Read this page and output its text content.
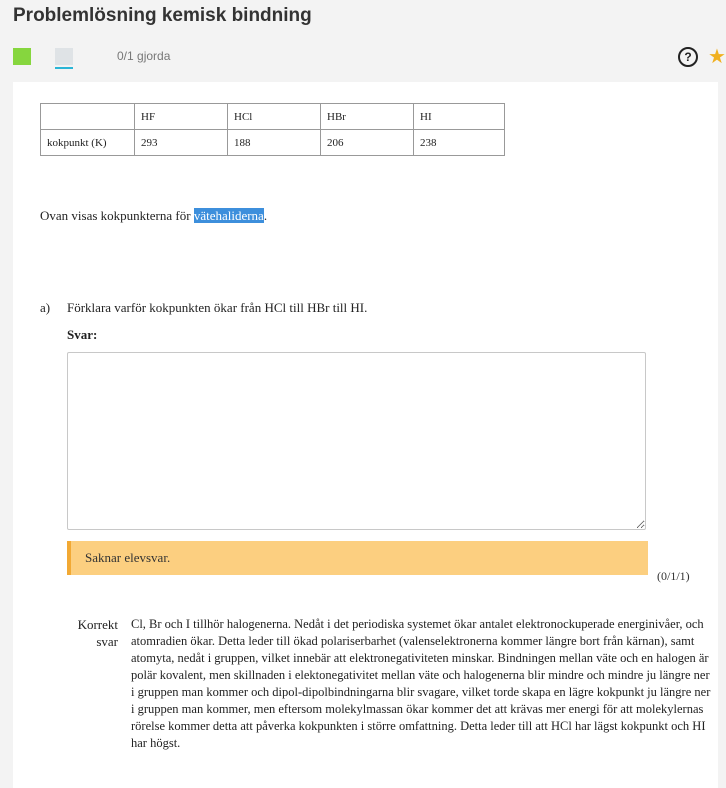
Problemlösning kemisk bindning
0/1 gjorda	? ★
	HF	HCl	HBr	HI
kokpunkt (K)	293	188	206	238
Ovan visas kokpunkterna för vätehaliderna.
a) Förklara varför kokpunkten ökar från HCl till HBr till HI.
Svar:
Saknar elevsvar.
(0/1/1)
Korrekt
svar
Cl, Br och I tillhör halogenerna. Nedåt i det periodiska systemet ökar antalet elektronockuperade energinivåer, och atomradien ökar. Detta leder till ökad polariserbarhet (valenselektronerna kommer längre bort från kärnan), samt atomyta, nedåt i gruppen, vilket innebär att elektronegativiteten minskar. Bindningen mellan väte och en halogen är polär kovalent, men skillnaden i elektonegativitet mellan väte och halogenerna blir mindre och mindre ju längre ner i gruppen man kommer och dipol-dipolbindningarna blir svagare, vilket torde skapa en lägre kokpunkt ju längre ner i gruppen man kommer, men eftersom molekylmassan ökar kommer det att krävas mer energi för att molekylernas rörelse kommer detta att påverka kokpunkten i större omfattning. Detta leder till att HCl har lägst kokpunkt och HI har högst.
